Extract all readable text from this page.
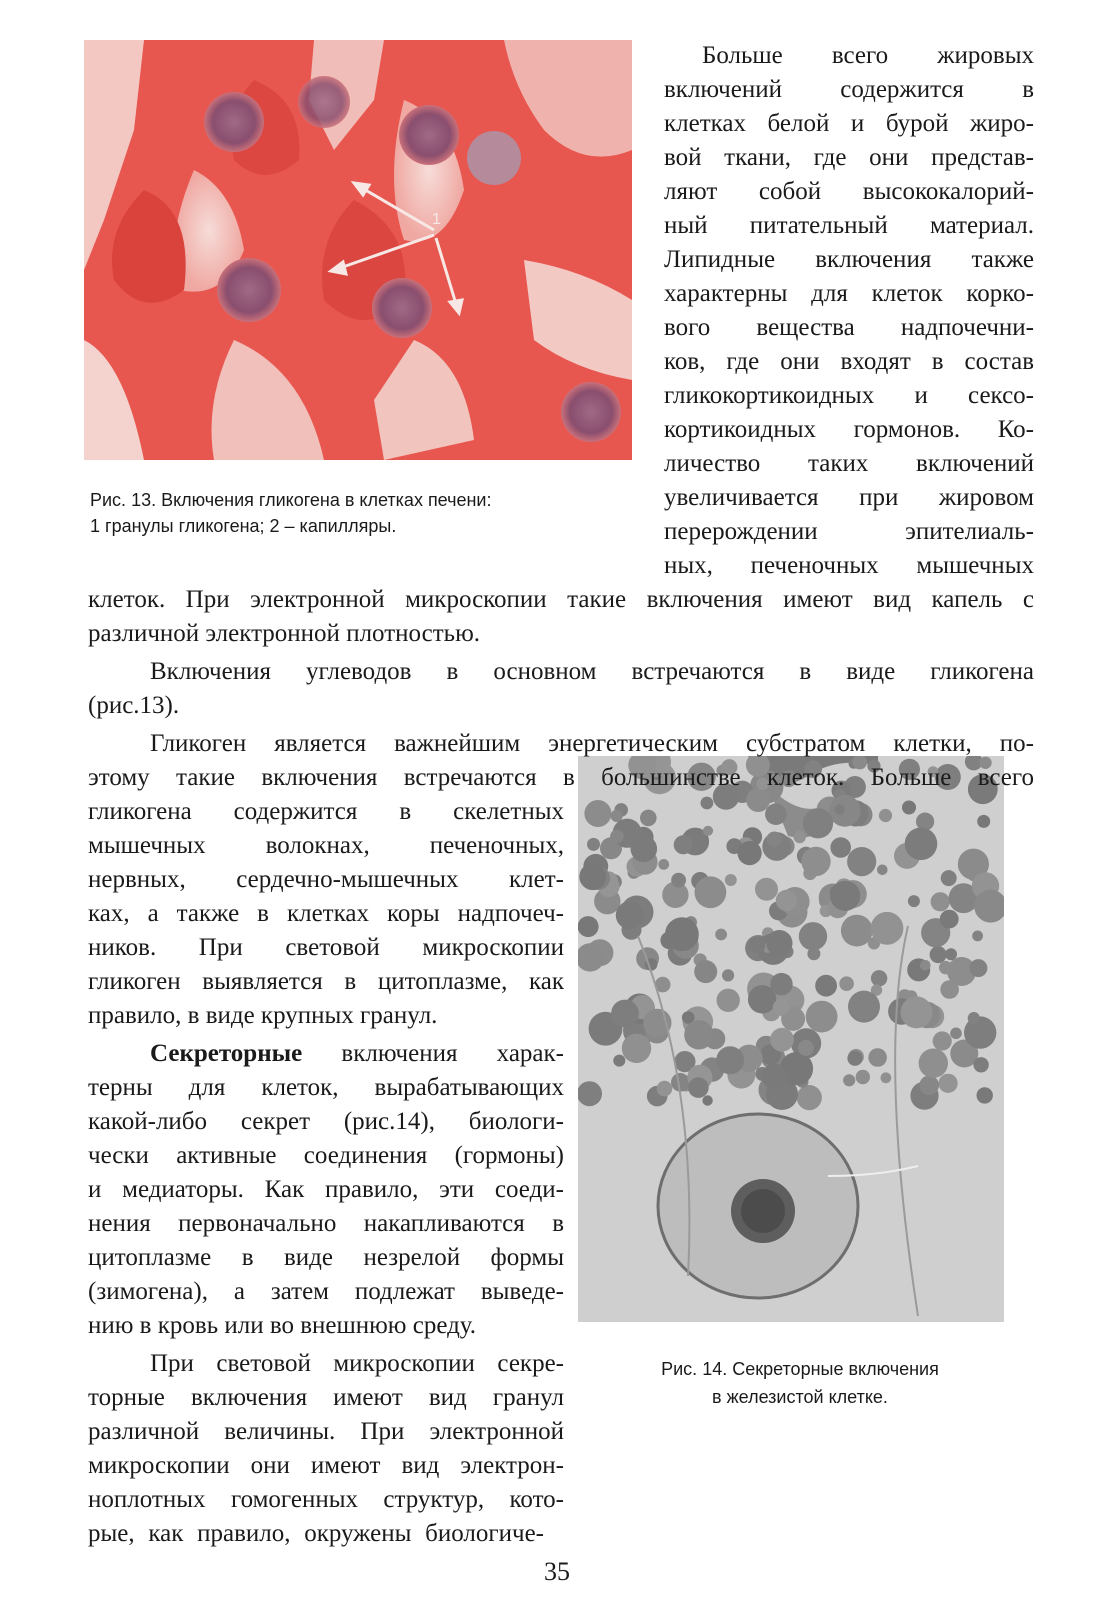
1
Рис. 13. Включения гликогена в клетках печени:
1 гранулы гликогена; 2 – капилляры.
Рис. 14. Секреторные включения
в железистой клетке.
Больше всего жировых
включений содержится в
клетках белой и бурой жиро-
вой ткани, где они представ-
ляют собой высококалорий-
ный питательный материал.
Липидные включения также
характерны для клеток корко-
вого вещества надпочечни-
ков, где они входят в состав
гликокортикоидных и сексо-
кортикоидных гормонов. Ко-
личество таких включений
увеличивается при жировом
перерождении эпителиаль-
ных, печеночных мышечных
клеток. При электронной микроскопии такие включения имеют вид капель с
различной электронной плотностью.
Включения углеводов в основном встречаются в виде гликогена
(рис.13).
Гликоген является важнейшим энергетическим субстратом клетки, по-
этому такие включения встречаются в большинстве клеток. Больше всего
гликогена содержится в скелетных
мышечных волокнах, печеночных,
нервных, сердечно-мышечных клет-
ках, а также в клетках коры надпочеч-
ников. При световой микроскопии
гликоген выявляется в цитоплазме, как
правило, в виде крупных гранул.
Секреторные включения харак-
терны для клеток, вырабатывающих
какой-либо секрет (рис.14), биологи-
чески активные соединения (гормоны)
и медиаторы. Как правило, эти соеди-
нения первоначально накапливаются в
цитоплазме в виде незрелой формы
(зимогена), а затем подлежат выведе-
нию в кровь или во внешнюю среду.
При световой микроскопии секре-
торные включения имеют вид гранул
различной величины. При электронной
микроскопии они имеют вид электрон-
ноплотных гомогенных структур, кото-
рые, как правило, окружены биологиче-
35
